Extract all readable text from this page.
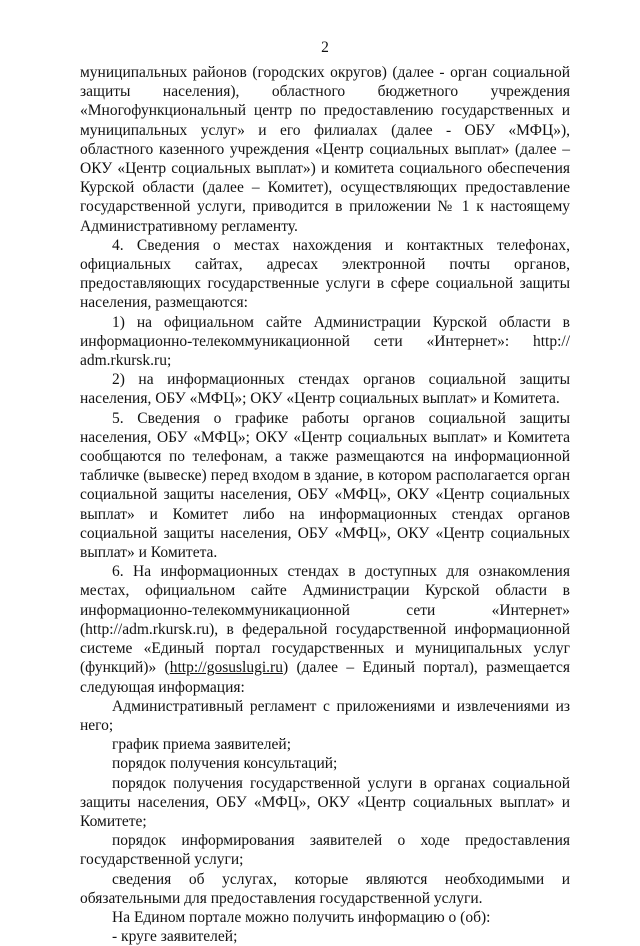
2

муниципальных районов (городских округов) (далее - орган социальной защиты населения), областного бюджетного учреждения «Многофункциональный центр по предоставлению государственных и муниципальных услуг» и его филиалах (далее - ОБУ «МФЦ»), областного казенного учреждения «Центр социальных выплат» (далее – ОКУ «Центр социальных выплат») и комитета социального обеспечения Курской области (далее – Комитет), осуществляющих предоставление государственной услуги, приводится в приложении № 1 к настоящему Административному регламенту.

4. Сведения о местах нахождения и контактных телефонах, официальных сайтах, адресах электронной почты органов, предоставляющих государственные услуги в сфере социальной защиты населения, размещаются:

1) на официальном сайте Администрации Курской области в информационно-телекоммуникационной сети «Интернет»: http:// adm.rkursk.ru;

2) на информационных стендах органов социальной защиты населения, ОБУ «МФЦ»; ОКУ «Центр социальных выплат» и Комитета.

5. Сведения о графике работы органов социальной защиты населения, ОБУ «МФЦ»; ОКУ «Центр социальных выплат» и Комитета сообщаются по телефонам, а также размещаются на информационной табличке (вывеске) перед входом в здание, в котором располагается орган социальной защиты населения, ОБУ «МФЦ», ОКУ «Центр социальных выплат» и Комитет либо на информационных стендах органов социальной защиты населения, ОБУ «МФЦ», ОКУ «Центр социальных выплат» и Комитета.

6. На информационных стендах в доступных для ознакомления местах, официальном сайте Администрации Курской области в информационно-телекоммуникационной сети «Интернет» (http://adm.rkursk.ru), в федеральной государственной информационной системе «Единый портал государственных и муниципальных услуг (функций)» (http://gosuslugi.ru) (далее – Единый портал), размещается следующая информация:

Административный регламент с приложениями и извлечениями из него;

график приема заявителей;

порядок получения консультаций;

порядок получения государственной услуги в органах социальной защиты населения, ОБУ «МФЦ», ОКУ «Центр социальных выплат» и Комитете;

порядок информирования заявителей о ходе предоставления государственной услуги;

сведения об услугах, которые являются необходимыми и обязательными для предоставления государственной услуги.

На Едином портале можно получить информацию о (об):

- круге заявителей;
